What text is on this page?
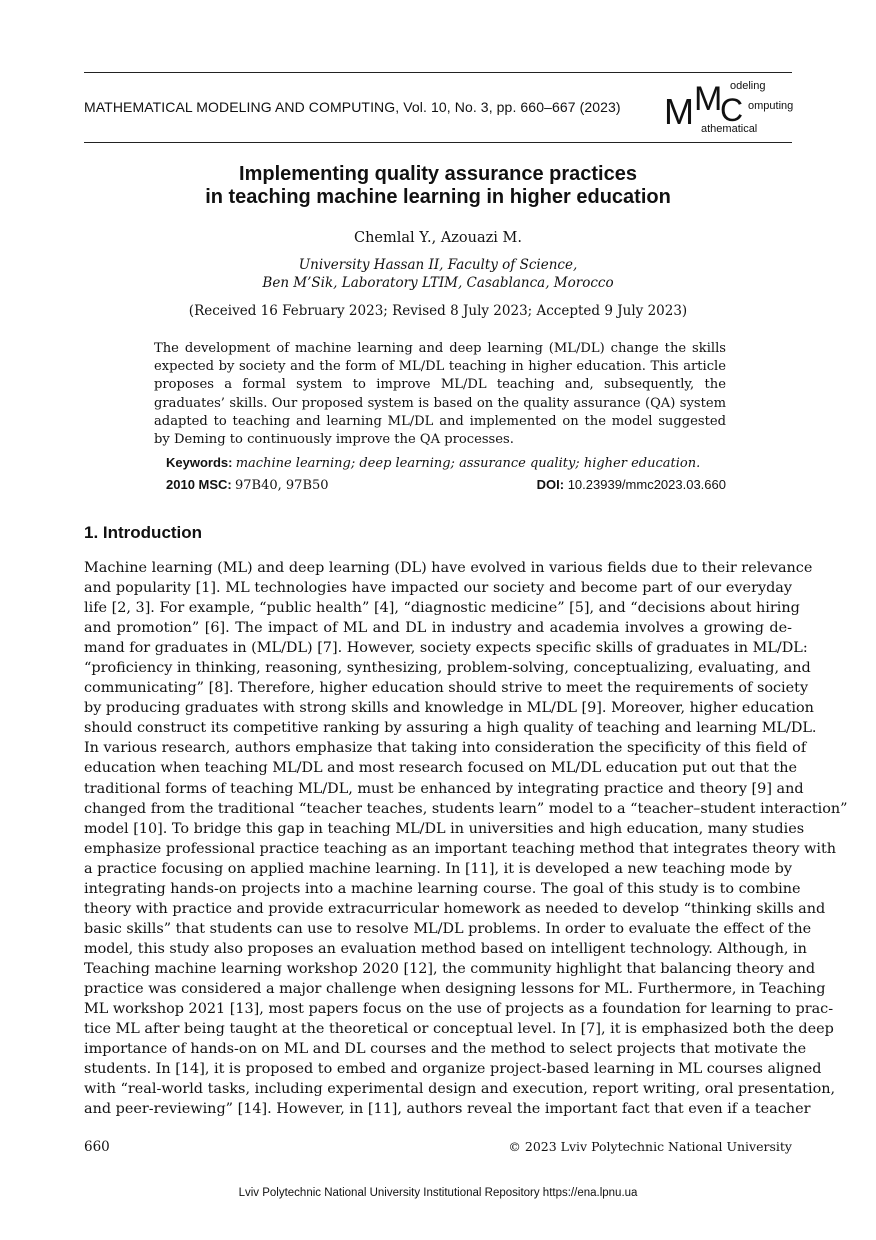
MATHEMATICAL MODELING AND COMPUTING, Vol. 10, No. 3, pp. 660–667 (2023) M M
C
odeling
omputing
athematical
Implementing quality assurance practices
in teaching machine learning in higher education
Chemlal Y., Azouazi M.
University Hassan II, Faculty of Science,
Ben M’Sik, Laboratory LTIM, Casablanca, Morocco
(Received 16 February 2023; Revised 8 July 2023; Accepted 9 July 2023)
The development of machine learning and deep learning (ML/DL) change the skills expected by society and the form of ML/DL teaching in higher education. This article proposes a formal system to improve ML/DL teaching and, subsequently, the graduates’ skills. Our proposed system is based on the quality assurance (QA) system adapted to teaching and learning ML/DL and implemented on the model suggested by Deming to continuously improve the QA processes.
Keywords: machine learning; deep learning; assurance quality; higher education.
2010 MSC: 97B40, 97B50	DOI: 10.23939/mmc2023.03.660
1. Introduction
Machine learning (ML) and deep learning (DL) have evolved in various fields due to their relevance
and popularity [1]. ML technologies have impacted our society and become part of our everyday
life [2, 3]. For example, “public health” [4], “diagnostic medicine” [5], and “decisions about hiring
and promotion” [6]. The impact of ML and DL in industry and academia involves a growing de-
mand for graduates in (ML/DL) [7]. However, society expects specific skills of graduates in ML/DL:
“proficiency in thinking, reasoning, synthesizing, problem-solving, conceptualizing, evaluating, and
communicating” [8]. Therefore, higher education should strive to meet the requirements of society
by producing graduates with strong skills and knowledge in ML/DL [9]. Moreover, higher education
should construct its competitive ranking by assuring a high quality of teaching and learning ML/DL.
In various research, authors emphasize that taking into consideration the specificity of this field of
education when teaching ML/DL and most research focused on ML/DL education put out that the
traditional forms of teaching ML/DL, must be enhanced by integrating practice and theory [9] and
changed from the traditional “teacher teaches, students learn” model to a “teacher–student interaction”
model [10]. To bridge this gap in teaching ML/DL in universities and high education, many studies
emphasize professional practice teaching as an important teaching method that integrates theory with
a practice focusing on applied machine learning. In [11], it is developed a new teaching mode by
integrating hands-on projects into a machine learning course. The goal of this study is to combine
theory with practice and provide extracurricular homework as needed to develop “thinking skills and
basic skills” that students can use to resolve ML/DL problems. In order to evaluate the effect of the
model, this study also proposes an evaluation method based on intelligent technology. Although, in
Teaching machine learning workshop 2020 [12], the community highlight that balancing theory and
practice was considered a major challenge when designing lessons for ML. Furthermore, in Teaching
ML workshop 2021 [13], most papers focus on the use of projects as a foundation for learning to prac-
tice ML after being taught at the theoretical or conceptual level. In [7], it is emphasized both the deep
importance of hands-on on ML and DL courses and the method to select projects that motivate the
students. In [14], it is proposed to embed and organize project-based learning in ML courses aligned
with “real-world tasks, including experimental design and execution, report writing, oral presentation,
and peer-reviewing” [14]. However, in [11], authors reveal the important fact that even if a teacher
660	© 2023 Lviv Polytechnic National University
Lviv Polytechnic National University Institutional Repository https://ena.lpnu.ua
